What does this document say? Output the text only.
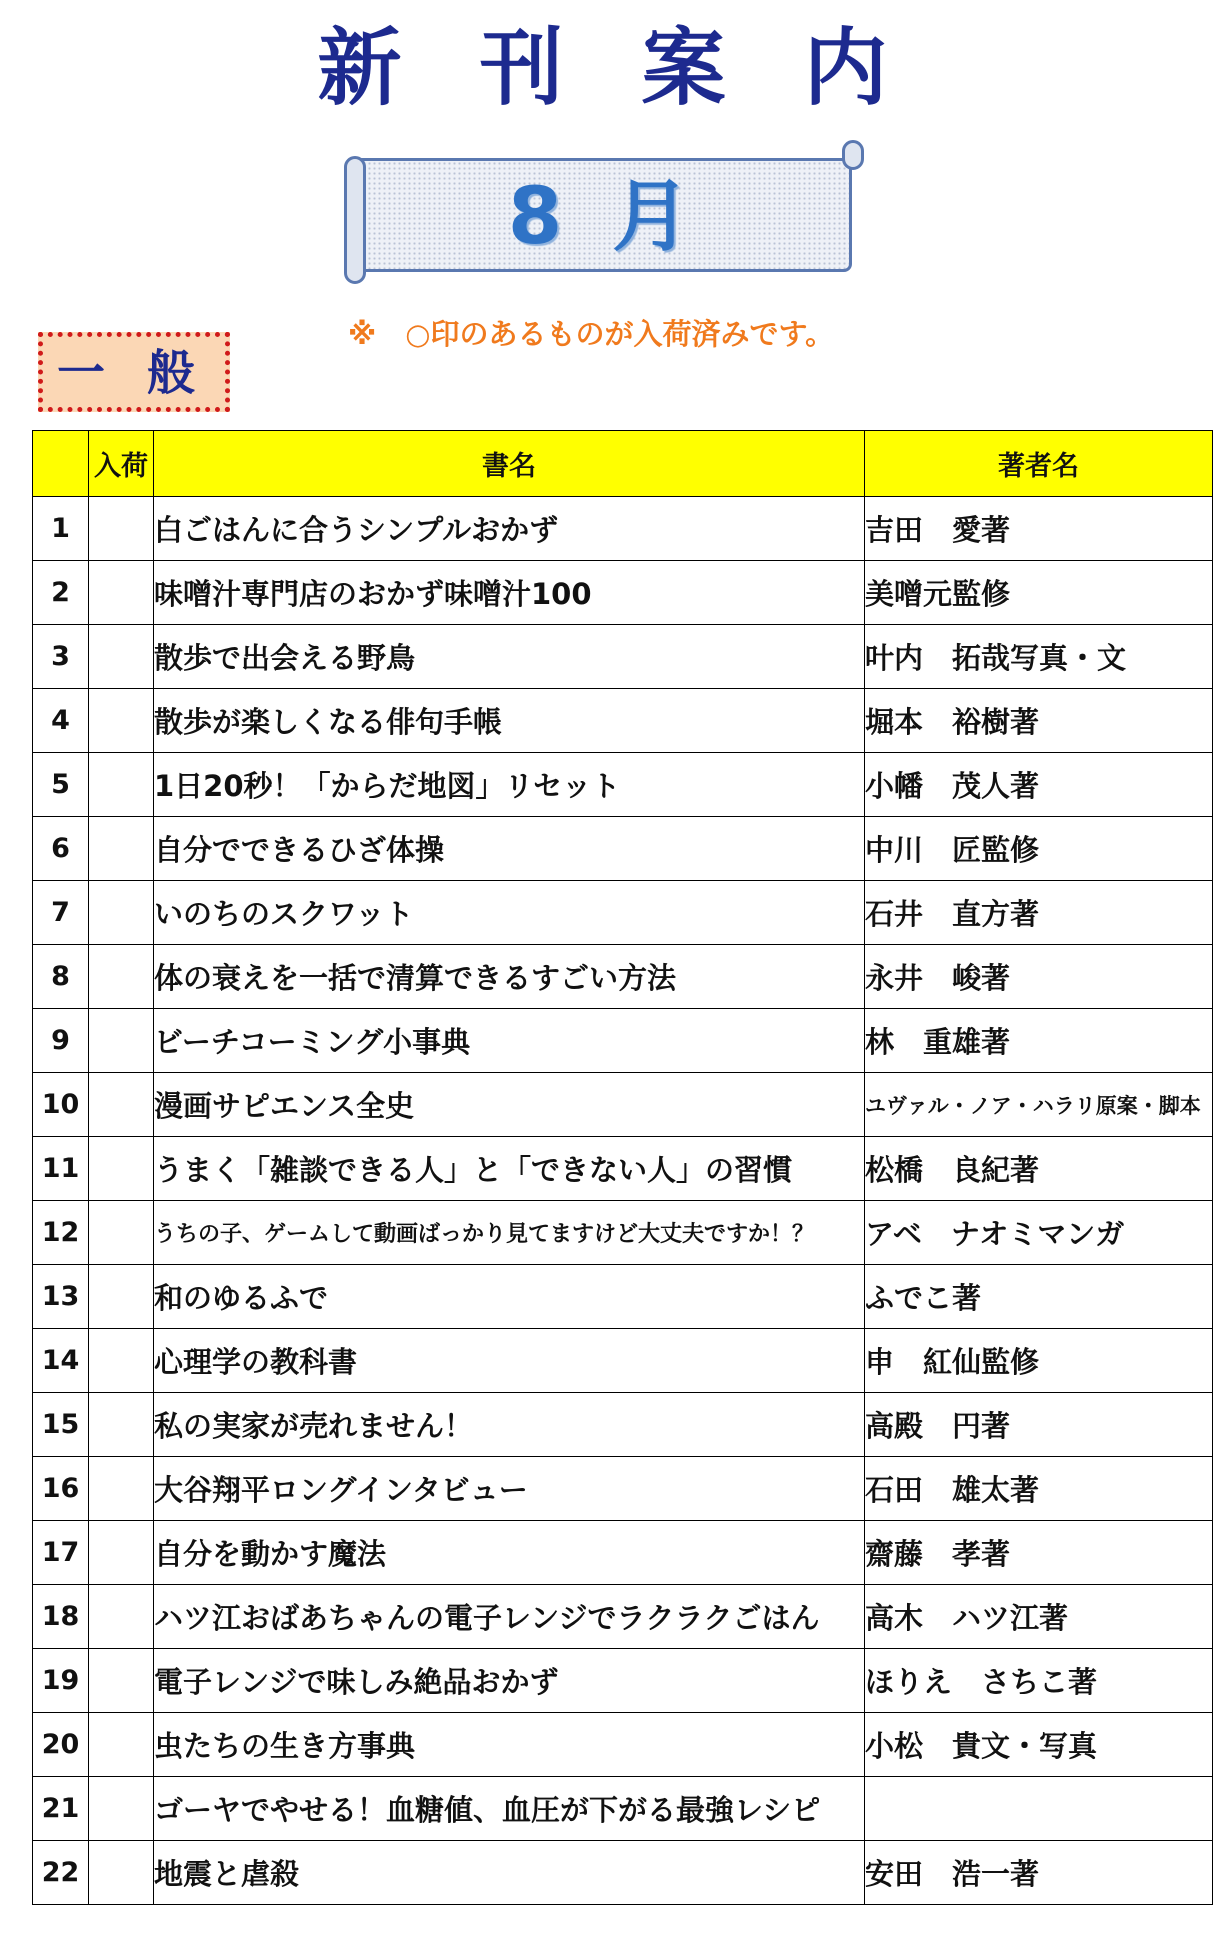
新刊案内
8月
※　○印のあるものが入荷済みです。
一般
	入荷	書名	著者名
1		白ごはんに合うシンプルおかず	吉田　愛著
2		味噌汁専門店のおかず味噌汁100	美噌元監修
3		散歩で出会える野鳥	叶内　拓哉写真・文
4		散歩が楽しくなる俳句手帳	堀本　裕樹著
5		1日20秒！「からだ地図」リセット	小幡　茂人著
6		自分でできるひざ体操	中川　匠監修
7		いのちのスクワット	石井　直方著
8		体の衰えを一括で清算できるすごい方法	永井　峻著
9		ビーチコーミング小事典	林　重雄著
10		漫画サピエンス全史	ユヴァル・ノア・ハラリ原案・脚本
11		うまく「雑談できる人」と「できない人」の習慣	松橋　良紀著
12		うちの子、ゲームして動画ばっかり見てますけど大丈夫ですか！？	アベ　ナオミマンガ
13		和のゆるふで	ふでこ著
14		心理学の教科書	申　紅仙監修
15		私の実家が売れません！	高殿　円著
16		大谷翔平ロングインタビュー	石田　雄太著
17		自分を動かす魔法	齋藤　孝著
18		ハツ江おばあちゃんの電子レンジでラクラクごはん	高木　ハツ江著
19		電子レンジで味しみ絶品おかず	ほりえ　さちこ著
20		虫たちの生き方事典	小松　貴文・写真
21		ゴーヤでやせる！血糖値、血圧が下がる最強レシピ	
22		地震と虐殺	安田　浩一著
